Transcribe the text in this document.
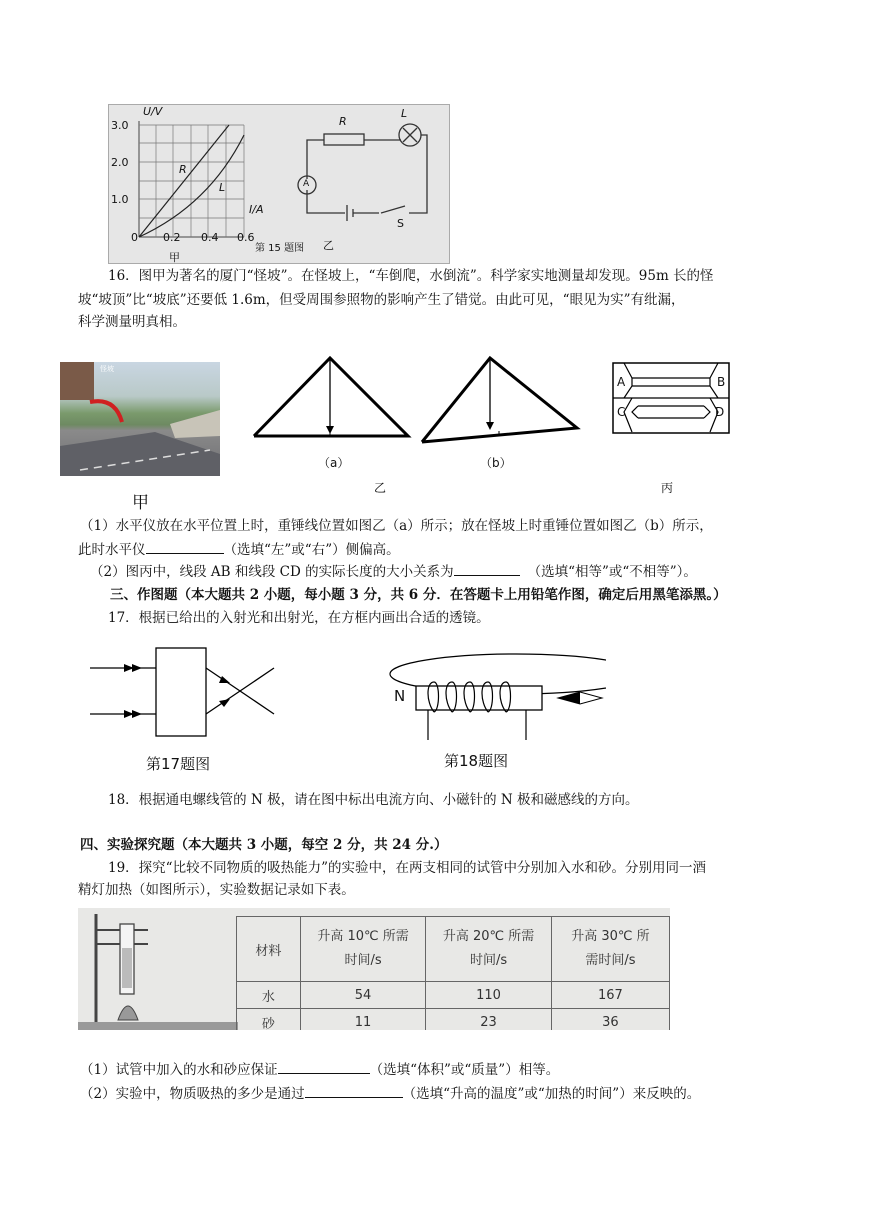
U/V
I/A
3.0
2.0
1.0
0 0.2 0.4 0.6
R
L
甲
第 15 题图 乙
R
L
A
S
16．图甲为著名的厦门“怪坡”。在怪坡上，“车倒爬，水倒流”。科学家实地测量却发现。95m 长的怪
坡“坡顶”比“坡底”还要低 1.6m，但受周围参照物的影响产生了错觉。由此可见，“眼见为实”有纰漏，
科学测量明真相。
怪坡
甲
（a）	（b）
乙
A	B
C	D
丙
（1）水平仪放在水平位置上时，重锤线位置如图乙（a）所示；放在怪坡上时重锤位置如图乙（b）所示，
此时水平仪	（选填“左”或“右”）侧偏高。
（2）图丙中，线段 AB 和线段 CD 的实际长度的大小关系为	（选填“相等”或“不相等”）。
三、作图题（本大题共 2 小题，每小题 3 分，共 6 分．在答题卡上用铅笔作图，确定后用黑笔添黑。）
17．根据已给出的入射光和出射光，在方框内画出合适的透镜。
第17题图
N
第18题图
18．根据通电螺线管的 N 极，请在图中标出电流方向、小磁针的 N 极和磁感线的方向。
四、实验探究题（本大题共 3 小题，每空 2 分，共 24 分.）
19．探究“比较不同物质的吸热能力”的实验中，在两支相同的试管中分别加入水和砂。分别用同一酒
精灯加热（如图所示），实验数据记录如下表。
材料	升高 10℃ 所需时间/s	升高 20℃ 所需时间/s	升高 30℃ 所需时间/s
水	54	110	167
砂	11	23	36
（1）试管中加入的水和砂应保证	（选填“体积”或“质量”）相等。
（2）实验中，物质吸热的多少是通过	（选填“升高的温度”或“加热的时间”）来反映的。
